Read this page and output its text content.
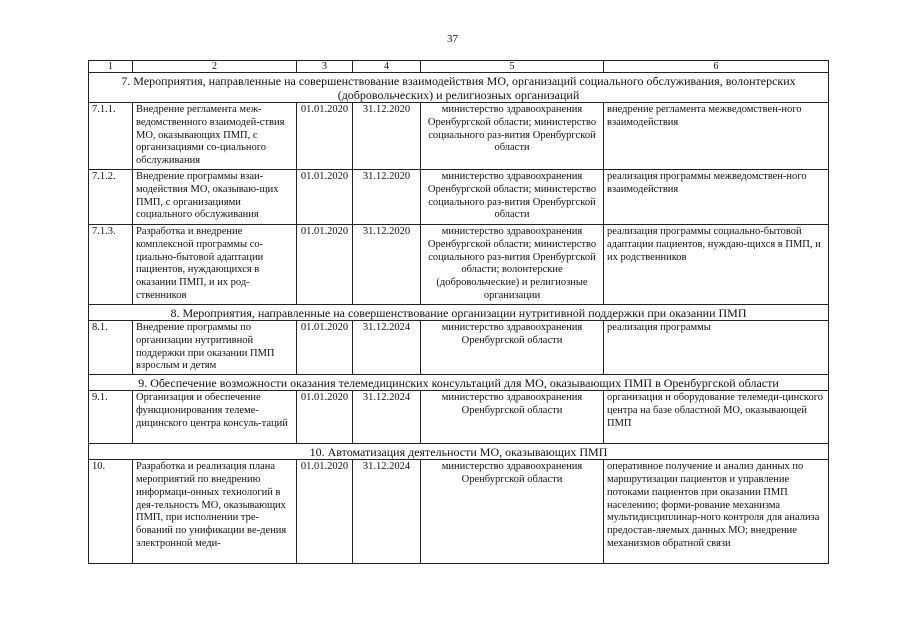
37
1	2	3	4	5	6
7. Мероприятия, направленные на совершенствование взаимодействия МО, организаций социального обслуживания, волонтерских (добровольческих) и религиозных организаций					
7.1.1.	Внедрение регламента меж-ведомственного взаимодей-ствия МО, оказывающих ПМП, с организациями со-циального обслуживания	01.01.2020	31.12.2020	министерство здравоохранения Оренбургской области; министерство социального раз-вития Оренбургской области	внедрение регламента межведомствен-ного взаимодействия
7.1.2.	Внедрение программы взаи-модействия МО, оказываю-щих ПМП, с организациями социального обслуживания	01.01.2020	31.12.2020	министерство здравоохранения Оренбургской области; министерство социального раз-вития Оренбургской области	реализация программы межведомствен-ного взаимодействия
7.1.3.	Разработка и внедрение комплексной программы со-циально-бытовой адаптации пациентов, нуждающихся в оказании ПМП, и их род-ственников	01.01.2020	31.12.2020	министерство здравоохранения Оренбургской области; министерство социального раз-вития Оренбургской области; волонтерские (добровольческие) и религиозные организации	реализация программы социально-бытовой адаптации пациентов, нуждаю-щихся в ПМП, и их родственников
8. Мероприятия, направленные на совершенствование организации нутритивной поддержки при оказании ПМП					
8.1.	Внедрение программы по организации нутритивной поддержки при оказании ПМП взрослым и детям	01.01.2020	31.12.2024	министерство здравоохранения Оренбургской области	реализация программы
9. Обеспечение возможности оказания телемедицинских консультаций для МО, оказывающих ПМП в Оренбургской области					
9.1.	Организация и обеспечение функционирования телеме-дицинского центра консуль-таций	01.01.2020	31.12.2024	министерство здравоохранения Оренбургской области	организация и оборудование телемеди-цинского центра на базе областной МО, оказывающей ПМП
10. Автоматизация деятельности МО, оказывающих ПМП					
10.	Разработка и реализация плана мероприятий по внедрению информаци-онных технологий в дея-тельность МО, оказывающих ПМП, при исполнении тре-бований по унификации ве-дения электронной меди-	01.01.2020	31.12.2024	министерство здравоохранения Оренбургской области	оперативное получение и анализ данных по маршрутизации пациентов и управление потоками пациентов при оказании ПМП населению; форми-рование механизма мультидисциплинар-ного контроля для анализа предостав-ляемых данных МО; внедрение механизмов обратной связи
